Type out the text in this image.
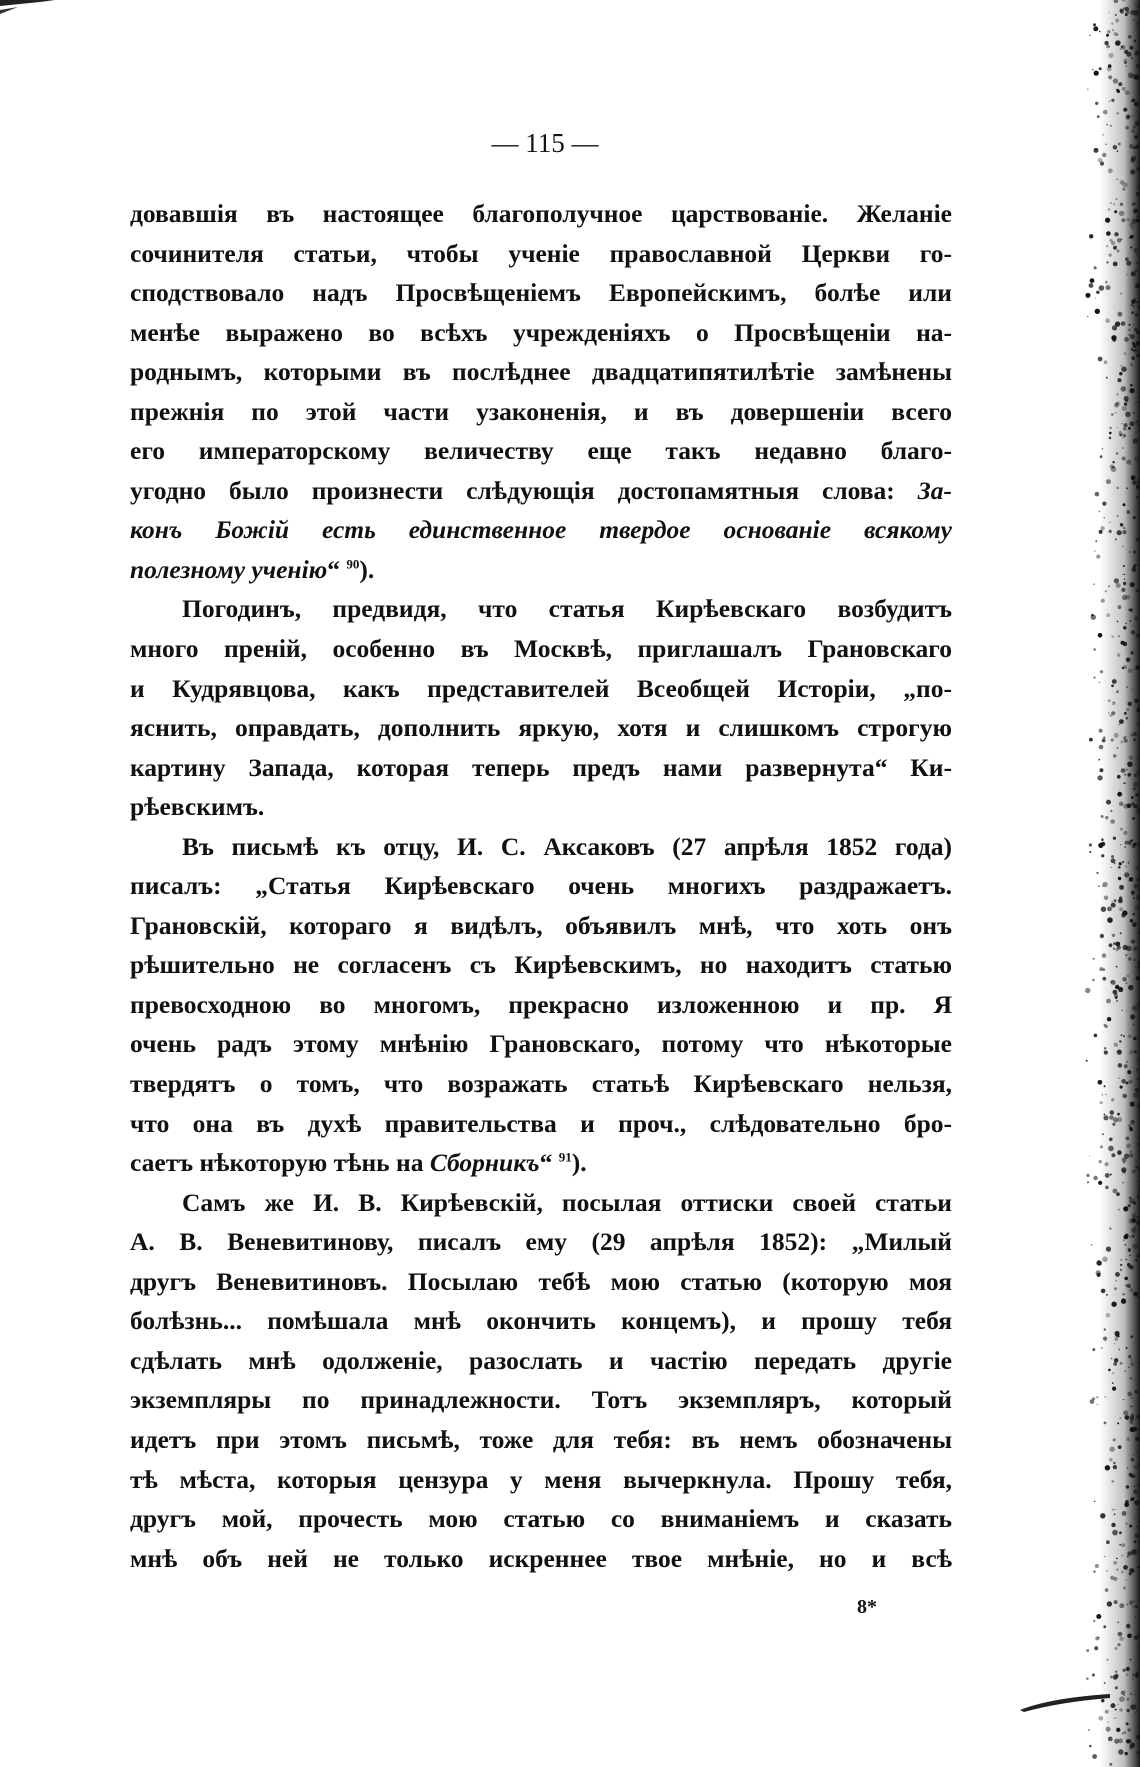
— 115 —
довавшія въ настоящее благополучное царствованіе. Желаніе
сочинителя статьи, чтобы ученіе православной Церкви го-
сподствовало надъ Просвѣщеніемъ Европейскимъ, болѣе или
менѣе выражено во всѣхъ учрежденіяхъ о Просвѣщеніи на-
роднымъ, которыми въ послѣднее двадцатипятилѣтіе замѣнены
прежнія по этой части узаконенія, и въ довершеніи всего
его императорскому величеству еще такъ недавно благо-
угодно было произнести слѣдующія достопамятныя слова: За-
конъ Божій есть единственное твердое основаніе всякому
полезному ученію“ $^{90}$).
Погодинъ, предвидя, что статья Кирѣевскаго возбудитъ
много преній, особенно въ Москвѣ, приглашалъ Грановскаго
и Кудрявцова, какъ представителей Всеобщей Исторіи, „по-
яснить, оправдать, дополнить яркую, хотя и слишкомъ строгую
картину Запада, которая теперь предъ нами развернута“ Ки-
рѣевскимъ.
Въ письмѣ къ отцу, И. С. Аксаковъ (27 апрѣля 1852 года)
писалъ: „Статья Кирѣевскаго очень многихъ раздражаетъ.
Грановскій, котораго я видѣлъ, объявилъ мнѣ, что хоть онъ
рѣшительно не согласенъ съ Кирѣевскимъ, но находитъ статью
превосходною во многомъ, прекрасно изложенною и пр. Я
очень радъ этому мнѣнію Грановскаго, потому что нѣкоторые
твердятъ о томъ, что возражать статьѣ Кирѣевскаго нельзя,
что она въ духѣ правительства и проч., слѣдовательно бро-
саетъ нѣкоторую тѣнь на Сборникъ“ $^{91}$).
Самъ же И. В. Кирѣевскій, посылая оттиски своей статьи
А. В. Веневитинову, писалъ ему (29 апрѣля 1852): „Милый
другъ Веневитиновъ. Посылаю тебѣ мою статью (которую моя
болѣзнь... помѣшала мнѣ окончить концемъ), и прошу тебя
сдѣлать мнѣ одолженіе, разослать и частію передать другіе
экземпляры по принадлежности. Тотъ экземпляръ, который
идетъ при этомъ письмѣ, тоже для тебя: въ немъ обозначены
тѣ мѣста, которыя цензура у меня вычеркнула. Прошу тебя,
другъ мой, прочесть мою статью со вниманіемъ и сказать
мнѣ объ ней не только искреннее твое мнѣніе, но и всѣ
8*
